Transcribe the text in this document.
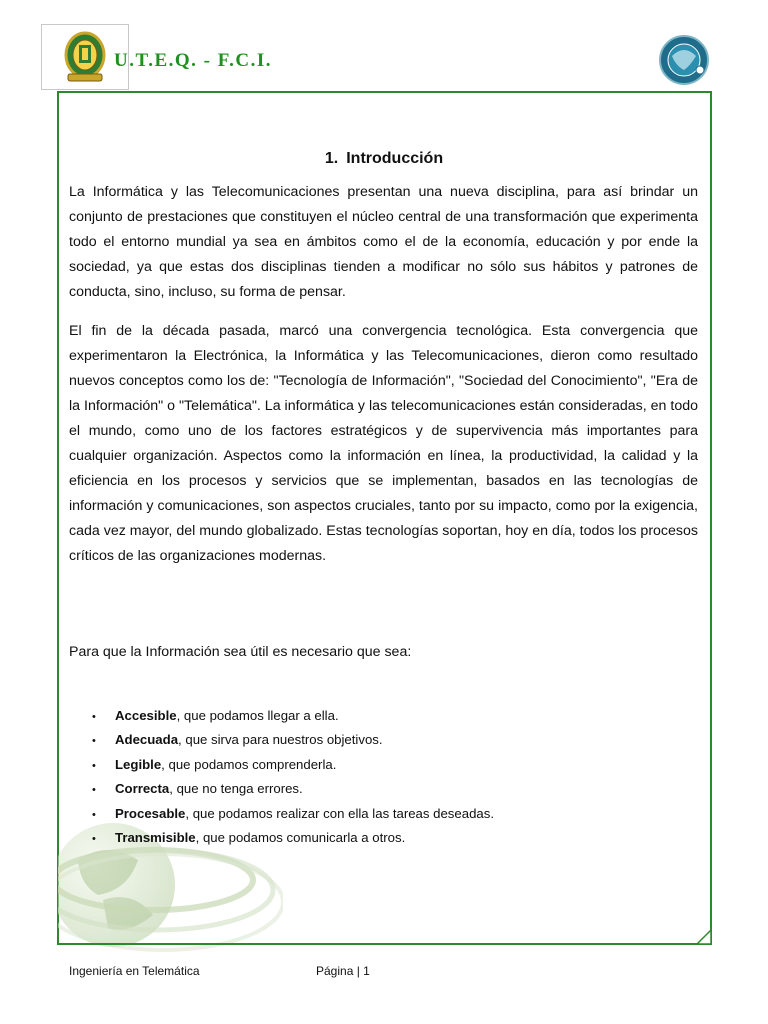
U.T.E.Q. - F.C.I.
1. Introducción

La Informática y las Telecomunicaciones presentan una nueva disciplina, para así brindar un conjunto de prestaciones que constituyen el núcleo central de una transformación que experimenta todo el entorno mundial ya sea en ámbitos como el de la economía, educación y por ende la sociedad, ya que estas dos disciplinas tienden a modificar no sólo sus hábitos y patrones de conducta, sino, incluso, su forma de pensar.

El fin de la década pasada, marcó una convergencia tecnológica. Esta convergencia que experimentaron la Electrónica, la Informática y las Telecomunicaciones, dieron como resultado nuevos conceptos como los de: "Tecnología de Información", "Sociedad del Conocimiento", "Era de la Información" o "Telemática". La informática y las telecomunicaciones están consideradas, en todo el mundo, como uno de los factores estratégicos y de supervivencia más importantes para cualquier organización. Aspectos como la información en línea, la productividad, la calidad y la eficiencia en los procesos y servicios que se implementan, basados en las tecnologías de información y comunicaciones, son aspectos cruciales, tanto por su impacto, como por la exigencia, cada vez mayor, del mundo globalizado. Estas tecnologías soportan, hoy en día, todos los procesos críticos de las organizaciones modernas.

Para que la Información sea útil es necesario que sea:

• Accesible, que podamos llegar a ella.
• Adecuada, que sirva para nuestros objetivos.
• Legible, que podamos comprenderla.
• Correcta, que no tenga errores.
• Procesable, que podamos realizar con ella las tareas deseadas.
• Transmisible, que podamos comunicarla a otros.
Ingeniería en Telemática	Página | 1
